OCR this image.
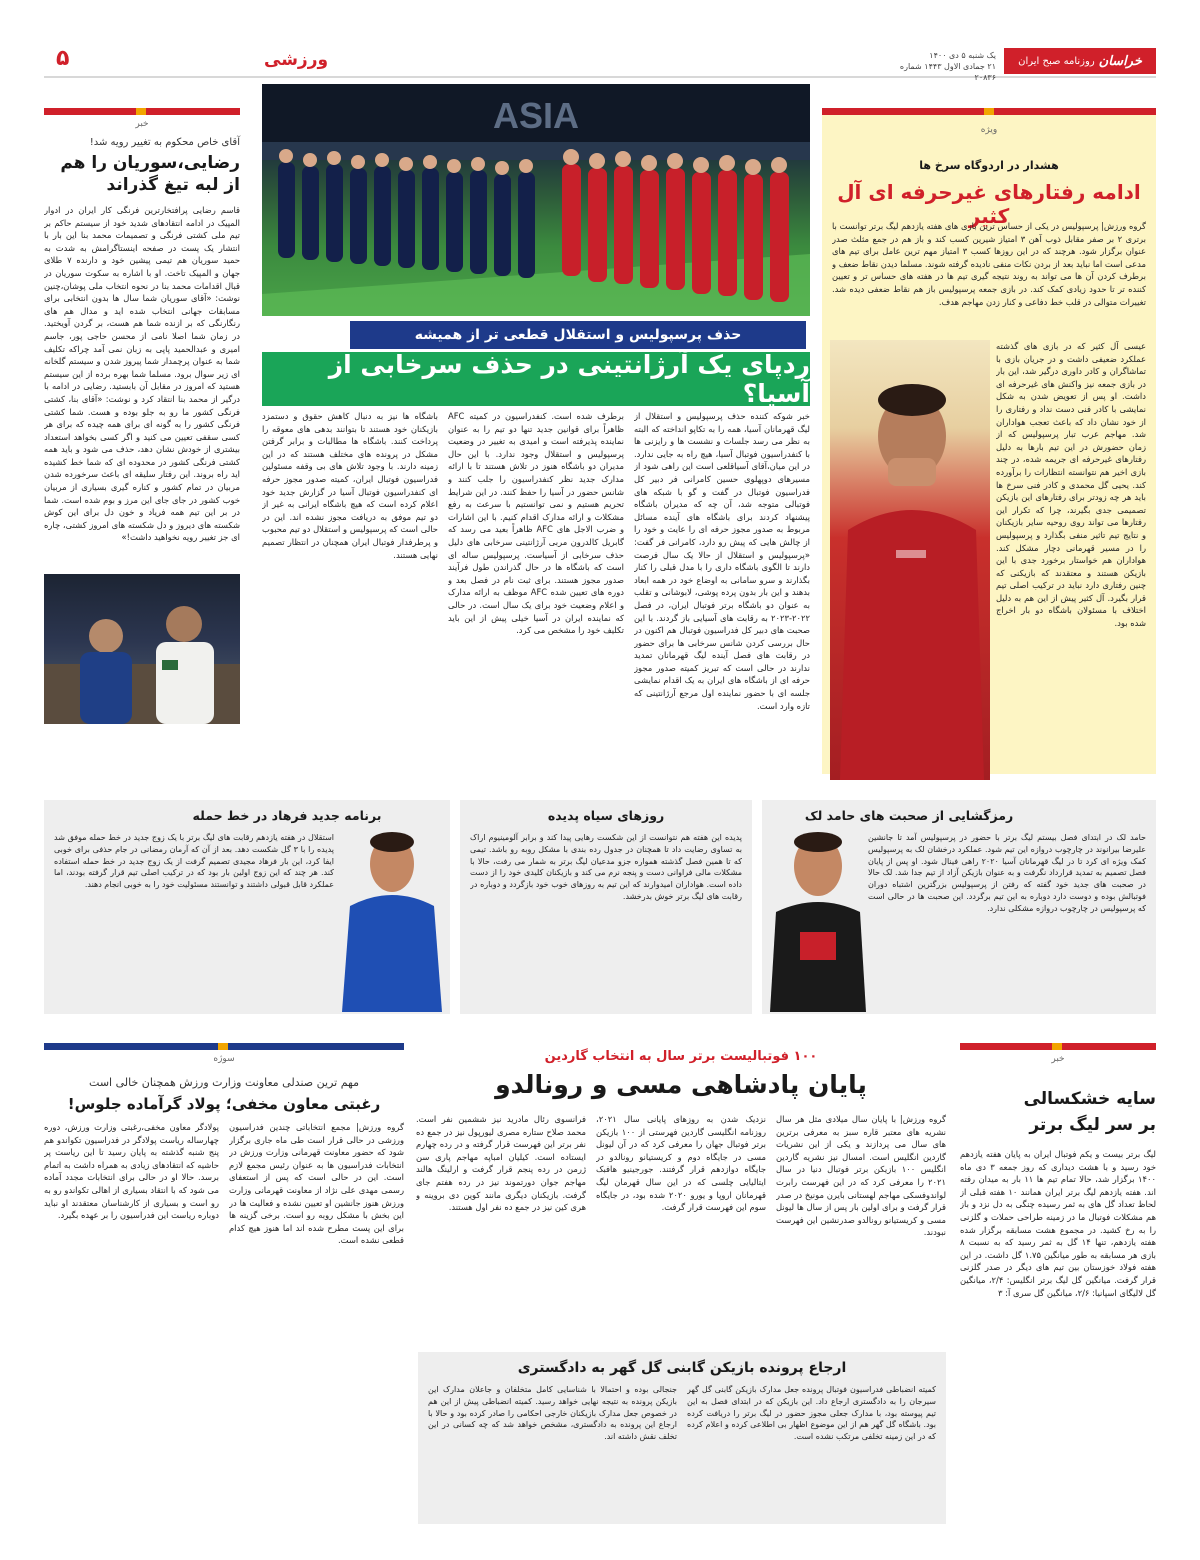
خراسان
روزنامه صبح ایران
یک شنبه ۵ دی ۱۴۰۰
۲۱ جمادی الاول ۱۴۴۳ شماره ۲۰۸۳۶
ورزشی
۵
خبر
آقای خاص محکوم به تغییر رویه شد!
رضایی،سوریان را هم
از لبه تیغ گذراند
قاسم رضایی پرافتخارترین فرنگی کار ایران در ادوار المپیک در ادامه انتقادهای شدید خود از سیستم حاکم بر تیم ملی کشتی فرنگی و تصمیمات محمد بنا این بار با انتشار یک پست در صفحه اینستاگرامش به شدت به حمید سوریان هم تیمی پیشین خود و دارنده ۷ طلای جهان و المپیک تاخت. او با اشاره به سکوت سوریان در قبال اقدامات محمد بنا در نحوه انتخاب ملی پوشان،چنین نوشت: «آقای سوریان شما سال ها بدون انتخابی برای مسابقات جهانی انتخاب شده اید و مدال هم های رنگارنگی که بر ازنده شما هم هست، بر گردن آویختید. در زمان شما اصلا نامی از محسن حاجی پور، جاسم امیری و عبدالحمید پاپی به زبان نمی آمد چراکه تکلیف شما به عنوان پرچمدار شما پیروز شدن و سیستم گلخانه ای زیر سوال برود. مسلما شما بهره برده از این سیستم هستید که امروز در مقابل آن بابستید. رضایی در ادامه با درگیر از محمد بنا انتقاد کرد و نوشت: «آقای بنا، کشتی فرنگی کشور ما رو به جلو بوده و هست. شما کشتی فرنگی کشور را به گونه ای برای همه چیده که برای هر کسی سقفی تعیین می کنید و اگر کسی بخواهد استعداد بیشتری از خودش نشان دهد، حذف می شود و باید همه کشتی فرنگی کشور در محدوده ای که شما خط کشیده اید راه بروند. این رفتار سلیقه ای باعث سرخورده شدن مربیان در تمام کشور و کناره گیری بسیاری از مربیان خوب کشور در جای جای این مرز و بوم شده است. شما در بر این تیم همه فریاد و خون دل برای این کوش شکسته های دیروز و دل شکسته های امروز کشتی، چاره ای جز تغییر رویه نخواهید داشت!»
ASIA
حذف پرسپولیس و استقلال قطعی تر از همیشه
ردپای یک آرژانتینی در حذف سرخابی از آسیا؟
خبر شوکه کننده حذف پرسپولیس و استقلال از لیگ قهرمانان آسیا، همه را به تکاپو انداخته که البته به نظر می رسد جلسات و نشست ها و رایزنی ها با کنفدراسیون فوتبال آسیا، هیچ راه به جایی ندارد. در این میان،آقای آسیاقلعی است این راهی شود از مسیرهای دوپهلوی حسین کامرانی فر دبیر کل فدراسیون فوتبال در گفت و گو با شبکه های فوتبالی متوجه شد، آن چه که مدیران باشگاه پیشنهاد کردند برای باشگاه های آینده مسائل مربوط به صدور مجوز حرفه ای را عایت و خود را از چالش هایی که پیش رو دارد، کامرانی فر گفت: «پرسپولیس و استقلال از حالا یک سال فرصت دارند تا الگوی باشگاه داری را با مدل قبلی را کنار بگذارند و سرو سامانی به اوضاع خود در همه ابعاد بدهند و این بار بدون پرده پوشی، لابوشانی و تقلب به عنوان دو باشگاه برتر فوتبال ایران، در فصل ۲۰۲۲-۲۰۲۳ به رقابت های آسیایی باز گردند. با این صحبت های دبیر کل فدراسیون فوتبال هم اکنون در حال بررسی کردن شانس سرخابی ها برای حضور در رقابت های فصل آینده لیگ قهرمانان تمدید ندارند در حالی است که تبریز کمیته صدور مجوز حرفه ای از باشگاه های ایران به یک اقدام نمایشی جلسه ای با حضور نماینده اول مرجع آرژانتینی که تازه وارد است.
برطرف شده است. کنفدراسیون در کمیته AFC ظاهراً برای قوانین جدید تنها دو تیم را به عنوان نماینده پذیرفته است و امیدی به تغییر در وضعیت پرسپولیس و استقلال وجود ندارد. با این حال مدیران دو باشگاه هنوز در تلاش هستند تا با ارائه مدارک جدید نظر کنفدراسیون را جلب کنند و شانس حضور در آسیا را حفظ کنند. در این شرایط تحریم هستیم و نمی توانستیم با سرعت به رفع مشکلات و ارائه مدارک اقدام کنیم. با این اشارات و ضرب الاجل های AFC ظاهراً بعید می رسد که گابریل کالدرون مربی آرژانتینی سرخابی های دلیل حذف سرخابی از آسیاست. پرسپولیس ساله ای است که باشگاه ها در حال گذراندن طول فرآیند صدور مجوز هستند. برای ثبت نام در فصل بعد و دوره های تعیین شده AFC موظف به ارائه مدارک و اعلام وضعیت خود برای یک سال است. در حالی که نماینده ایران در آسیا خیلی پیش از این باید تکلیف خود را مشخص می کرد.
باشگاه ها نیز به دنبال کاهش حقوق و دستمزد بازیکنان خود هستند تا بتوانند بدهی های معوقه را پرداخت کنند. باشگاه ها مطالبات و برابر گرفتن مشکل در پرونده های مختلف هستند که در این زمینه دارند. با وجود تلاش های بی وقفه مسئولین فدراسیون فوتبال ایران، کمیته صدور مجوز حرفه ای کنفدراسیون فوتبال آسیا در گزارش جدید خود اعلام کرده است که هیچ باشگاه ایرانی به غیر از دو تیم موفق به دریافت مجوز نشده اند. این در حالی است که پرسپولیس و استقلال دو تیم محبوب و پرطرفدار فوتبال ایران همچنان در انتظار تصمیم نهایی هستند.
ویژه
هشدار در اردوگاه سرخ ها
ادامه رفتارهای غیرحرفه ای آل کثیر
گروه ورزش| پرسپولیس در یکی از حساس ترین بازی های هفته یازدهم لیگ برتر توانست با برتری ۲ بر صفر مقابل ذوب آهن ۳ امتیاز شیرین کسب کند و باز هم در جمع مثلث صدر عنوان برگزار شود. هرچند که در این روزها کسب ۳ امتیاز مهم ترین عامل برای تیم های مدعی است اما نباید بعد از بردن نکات منفی نادیده گرفته شوند. مسلما دیدن نقاط ضعف و برطرف کردن آن ها می تواند به روند نتیجه گیری تیم ها در هفته های حساس تر و تعیین کننده تر تا حدود زیادی کمک کند. در بازی جمعه پرسپولیس باز هم نقاط ضعفی دیده شد. تغییرات متوالی در قلب خط دفاعی و کنار زدن مهاجم هدف.
عیسی آل کثیر که در بازی های گذشته عملکرد ضعیفی داشت و در جریان بازی با تماشاگران و کادر داوری درگیر شد، این بار در بازی جمعه نیز واکنش های غیرحرفه ای داشت. او پس از تعویض شدن به شکل نمایشی با کادر فنی دست نداد و رفتاری را از خود نشان داد که باعث تعجب هواداران شد. مهاجم عرب تبار پرسپولیس که از زمان حضورش در این تیم بارها به دلیل رفتارهای غیرحرفه ای جریمه شده، در چند بازی اخیر هم نتوانسته انتظارات را برآورده کند. یحیی گل محمدی و کادر فنی سرخ ها باید هر چه زودتر برای رفتارهای این بازیکن تصمیمی جدی بگیرند، چرا که تکرار این رفتارها می تواند روی روحیه سایر بازیکنان و نتایج تیم تاثیر منفی بگذارد و پرسپولیس را در مسیر قهرمانی دچار مشکل کند. هواداران هم خواستار برخورد جدی با این بازیکن هستند و معتقدند که بازیکنی که چنین رفتاری دارد نباید در ترکیب اصلی تیم قرار بگیرد. آل کثیر پیش از این هم به دلیل اختلاف با مسئولان باشگاه دو بار اخراج شده بود.
رمزگشایی از صحبت های حامد لک
حامد لک در ابتدای فصل بیستم لیگ برتر با حضور در پرسپولیس آمد تا جانشین علیرضا بیرانوند در چارچوب دروازه این تیم شود. عملکرد درخشان لک به پرسپولیس کمک ویژه ای کرد تا در لیگ قهرمانان آسیا ۲۰۲۰ راهی فینال شود. او پس از پایان فصل تصمیم به تمدید قرارداد نگرفت و به عنوان بازیکن آزاد از تیم جدا شد. لک حالا در صحبت های جدید خود گفته که رفتن از پرسپولیس بزرگترین اشتباه دوران فوتبالش بوده و دوست دارد دوباره به این تیم برگردد. این صحبت ها در حالی است که پرسپولیس در چارچوب دروازه مشکلی ندارد.
روزهای سیاه پدیده
پدیده این هفته هم نتوانست از این شکست رهایی پیدا کند و برابر آلومینیوم اراک به تساوی رضایت داد تا همچنان در جدول رده بندی با مشکل روبه رو باشد. تیمی که تا همین فصل گذشته همواره جزو مدعیان لیگ برتر به شمار می رفت، حالا با مشکلات مالی فراوانی دست و پنجه نرم می کند و بازیکنان کلیدی خود را از دست داده است. هواداران امیدوارند که این تیم به روزهای خوب خود بازگردد و دوباره در رقابت های لیگ برتر خوش بدرخشد.
برنامه جدید فرهاد در خط حمله
استقلال در هفته یازدهم رقابت های لیگ برتر با یک زوج جدید در خط حمله موفق شد پدیده را با ۳ گل شکست دهد. بعد از آن که آرمان رمضانی در جام حذفی برای خوبی ایفا کرد، این بار فرهاد مجیدی تصمیم گرفت از یک زوج جدید در خط حمله استفاده کند. هر چند که این زوج اولین بار بود که در ترکیب اصلی تیم قرار گرفته بودند، اما عملکرد قابل قبولی داشتند و توانستند مسئولیت خود را به خوبی انجام دهند.
سوژه
مهم ترین صندلی معاونت وزارت ورزش همچنان خالی است
رغبتی معاون مخفی؛ پولاد گرآماده جلوس!
گروه ورزش| مجمع انتخاباتی چندین فدراسیون ورزشی در حالی قرار است طی ماه جاری برگزار شود که حضور معاونت قهرمانی وزارت ورزش در انتخابات فدراسیون ها به عنوان رئیس مجمع لازم است. این در حالی است که پس از استعفای رسمی مهدی علی نژاد از معاونت قهرمانی وزارت ورزش هنوز جانشین او تعیین نشده و فعالیت ها در این بخش با مشکل روبه رو است. برخی گزینه ها برای این پست مطرح شده اند اما هنوز هیچ کدام قطعی نشده است.
پولادگر معاون مخفی،رغبتی وزارت ورزش، دوره چهارساله ریاست پولادگر در فدراسیون تکواندو هم پنج شنبه گذشته به پایان رسید تا این ریاست پر حاشیه که انتقادهای زیادی به همراه داشت به اتمام برسد. حالا او در حالی برای انتخابات مجدد آماده می شود که با انتقاد بسیاری از اهالی تکواندو رو به رو است و بسیاری از کارشناسان معتقدند او نباید دوباره ریاست این فدراسیون را بر عهده بگیرد.
۱۰۰ فوتبالیست برتر سال به انتخاب گاردین
پایان پادشاهی مسی و رونالدو
گروه ورزش| با پایان سال میلادی مثل هر سال نشریه های معتبر قاره سبز به معرفی برترین های سال می پردازند و یکی از این نشریات گاردین انگلیس است. امسال نیز نشریه گاردین انگلیس ۱۰۰ بازیکن برتر فوتبال دنیا در سال ۲۰۲۱ را معرفی کرد که در این فهرست رابرت لواندوفسکی مهاجم لهستانی بایرن مونیخ در صدر قرار گرفت و برای اولین بار پس از سال ها لیونل مسی و کریستیانو رونالدو صدرنشین این فهرست نبودند.
نزدیک شدن به روزهای پایانی سال ۲۰۲۱، روزنامه انگلیسی گاردین فهرستی از ۱۰۰ بازیکن برتر فوتبال جهان را معرفی کرد که در آن لیونل مسی در جایگاه دوم و کریستیانو رونالدو در جایگاه دوازدهم قرار گرفتند. جورجینیو هافبک ایتالیایی چلسی که در این سال قهرمان لیگ قهرمانان اروپا و یورو ۲۰۲۰ شده بود، در جایگاه سوم این فهرست قرار گرفت.
فرانسوی رئال مادرید نیز ششمین نفر است. محمد صلاح ستاره مصری لیورپول نیز در جمع ده نفر برتر این فهرست قرار گرفته و در رده چهارم ایستاده است. کیلیان امباپه مهاجم پاری سن ژرمن در رده پنجم قرار گرفت و ارلینگ هالند مهاجم جوان دورتموند نیز در رده هفتم جای گرفت. بازیکنان دیگری مانند کوین دی بروینه و هری کین نیز در جمع ده نفر اول هستند.
ارجاع پرونده بازیکن گابنی گل گهر به دادگستری
کمیته انضباطی فدراسیون فوتبال پرونده جعل مدارک بازیکن گابنی گل گهر سیرجان را به دادگستری ارجاع داد. این بازیکن که در ابتدای فصل به این تیم پیوسته بود، با مدارک جعلی مجوز حضور در لیگ برتر را دریافت کرده بود. باشگاه گل گهر هم از این موضوع اظهار بی اطلاعی کرده و اعلام کرده که در این زمینه تخلفی مرتکب نشده است.
جنجالی بوده و احتمالا با شناسایی کامل متخلفان و جاعلان مدارک این بازیکن پرونده به نتیجه نهایی خواهد رسید. کمیته انضباطی پیش از این هم در خصوص جعل مدارک بازیکنان خارجی احکامی را صادر کرده بود و حالا با ارجاع این پرونده به دادگستری، مشخص خواهد شد که چه کسانی در این تخلف نقش داشته اند.
خبر
سایه خشکسالی
بر سر لیگ برتر
لیگ برتر بیست و یکم فوتبال ایران به پایان هفته یازدهم خود رسید و با هشت دیداری که روز جمعه ۳ دی ماه ۱۴۰۰ برگزار شد، حالا تمام تیم ها ۱۱ بار به میدان رفته اند. هفته یازدهم لیگ برتر ایران همانند ۱۰ هفته قبلی از لحاظ تعداد گل های به ثمر رسیده چنگی به دل نزد و باز هم مشکلات فوتبال ما در زمینه طراحی حملات و گلزنی را به رخ کشید. در مجموع هشت مسابقه برگزار شده هفته یازدهم، تنها ۱۴ گل به ثمر رسید که به نسبت ۸ بازی هر مسابقه به طور میانگین ۱.۷۵ گل داشت. در این هفته فولاد خوزستان بین تیم های دیگر در صدر گلزنی قرار گرفت. میانگین گل لیگ برتر انگلیس: ۲/۴، میانگین گل لالیگای اسپانیا: ۲/۶، میانگین گل سری آ: ۳
